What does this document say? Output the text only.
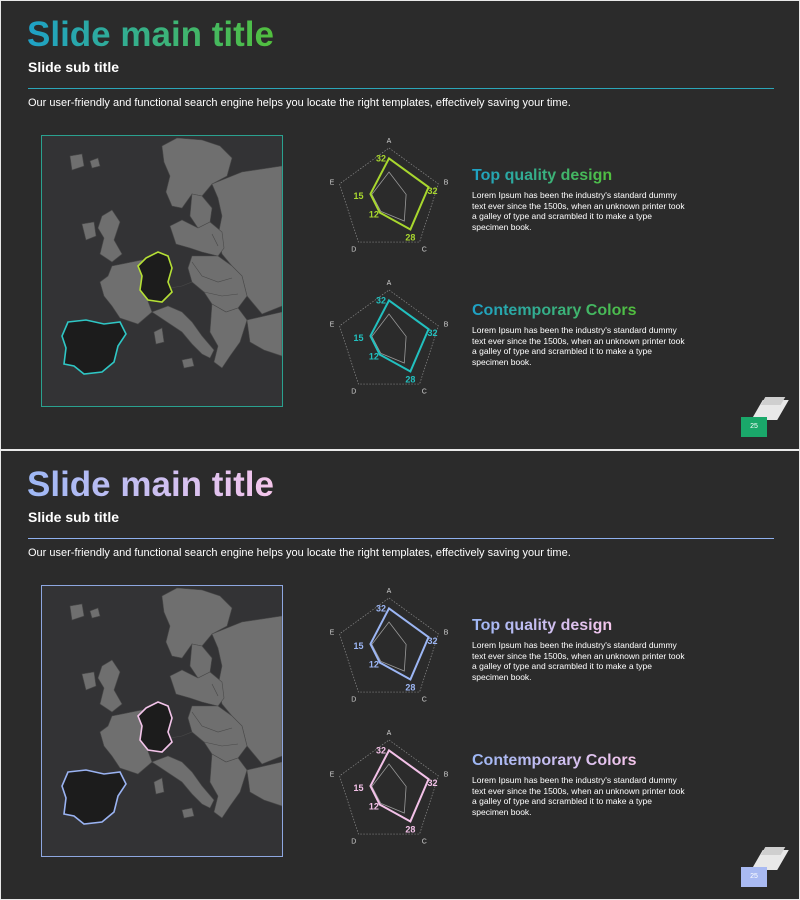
Slide main title

Slide sub title

Our user-friendly and functional search engine helps you locate the right templates, effectively saving your time.

A
B
C
D
E
32
32
28
12
15
A
B
C
D
E
32
32
28
12
15
Top quality design

Lorem Ipsum has been the industry's standard dummy text ever since the 1500s, when an unknown printer took a galley of type and scrambled it to make a type specimen book.

Contemporary Colors

Lorem Ipsum has been the industry's standard dummy text ever since the 1500s, when an unknown printer took a galley of type and scrambled it to make a type specimen book.

25
Slide main title

Slide sub title

Our user-friendly and functional search engine helps you locate the right templates, effectively saving your time.

A
B
C
D
E
32
32
28
12
15
A
B
C
D
E
32
32
28
12
15
Top quality design

Lorem Ipsum has been the industry's standard dummy text ever since the 1500s, when an unknown printer took a galley of type and scrambled it to make a type specimen book.

Contemporary Colors

Lorem Ipsum has been the industry's standard dummy text ever since the 1500s, when an unknown printer took a galley of type and scrambled it to make a type specimen book.

25
